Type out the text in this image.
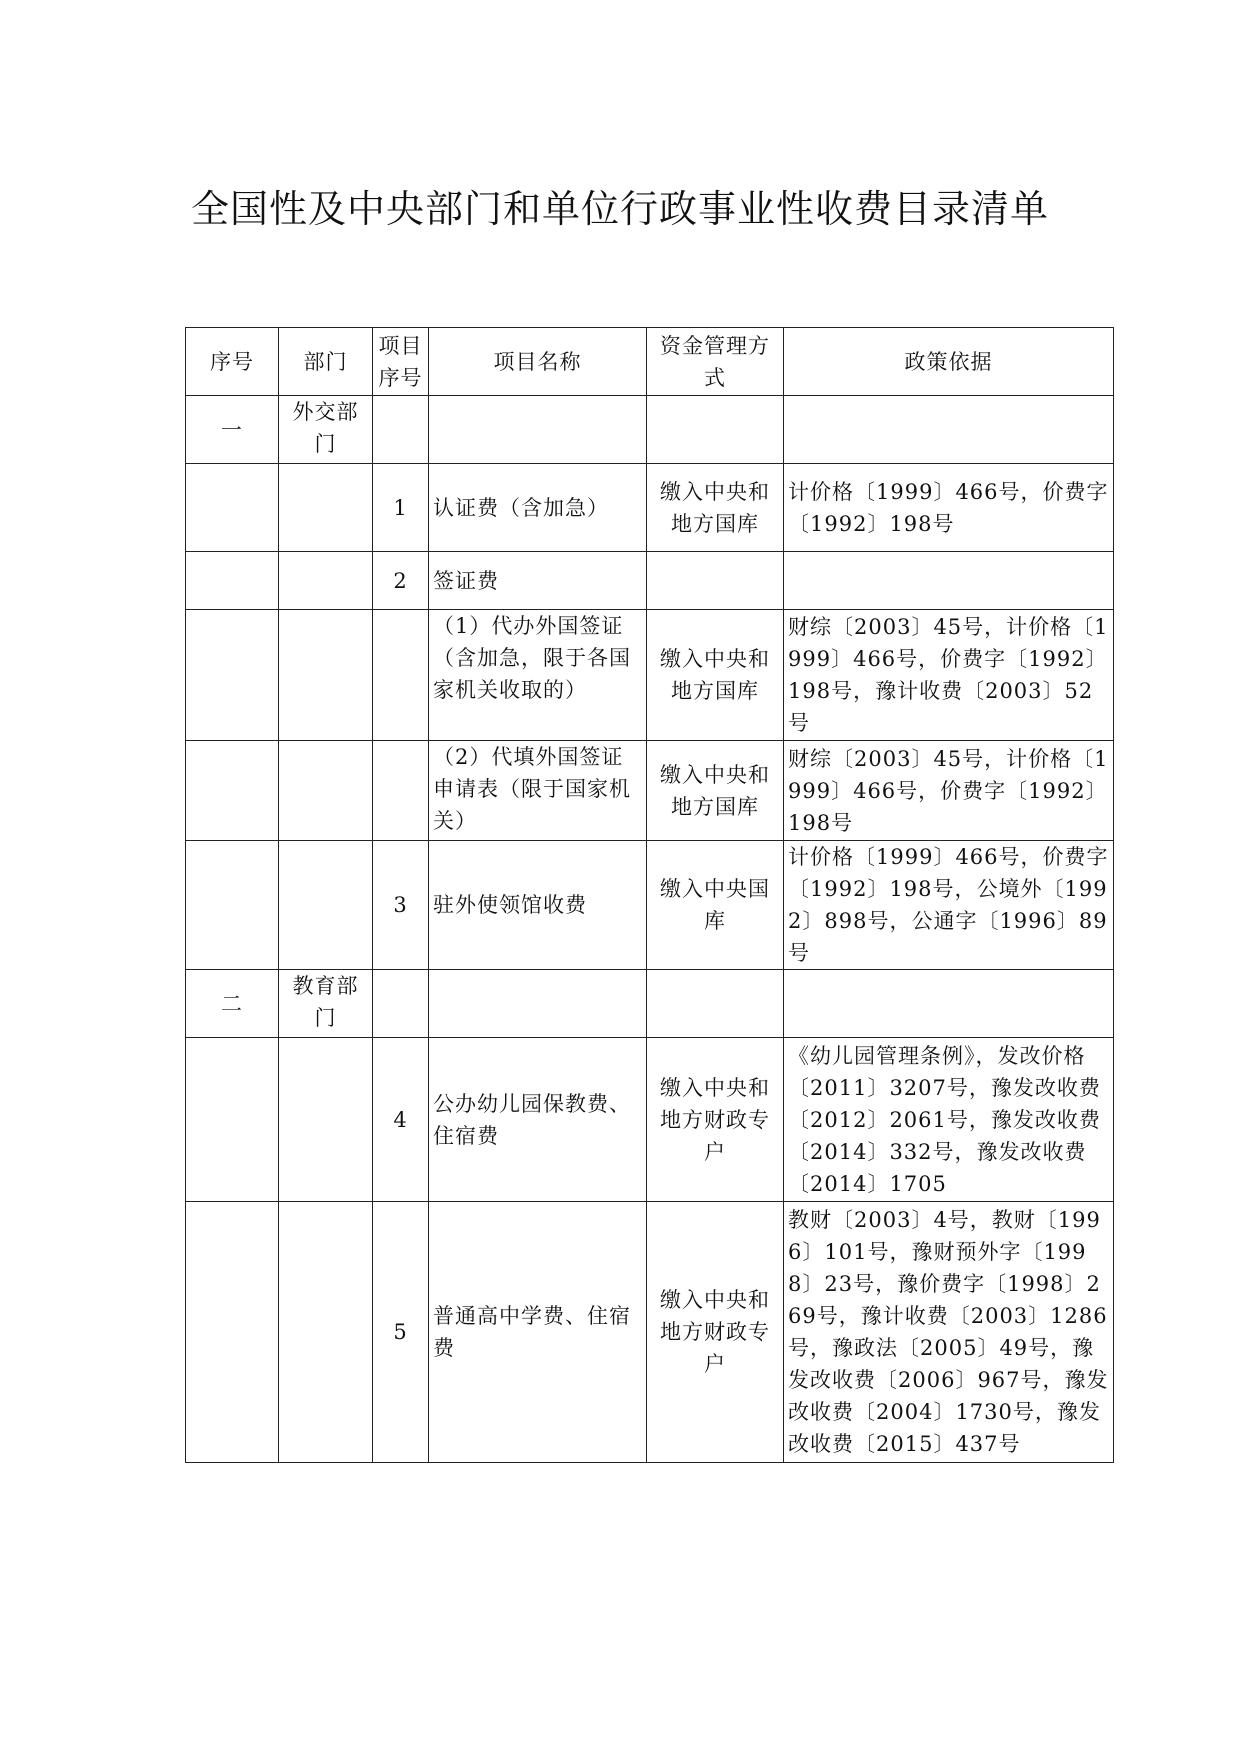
全国性及中央部门和单位行政事业性收费目录清单
序号	部门	项目序号	项目名称	资金管理方式	政策依据
一	外交部门				
		1	认证费（含加急）	缴入中央和地方国库	计价格〔1999〕466号，价费字〔1992〕198号
		2	签证费		
			（1）代办外国签证（含加急，限于各国家机关收取的）	缴入中央和地方国库	财综〔2003〕45号，计价格〔1999〕466号，价费字〔1992〕198号，豫计收费〔2003〕52号
			（2）代填外国签证申请表（限于国家机关）	缴入中央和地方国库	财综〔2003〕45号，计价格〔1999〕466号，价费字〔1992〕198号
		3	驻外使领馆收费	缴入中央国库	计价格〔1999〕466号，价费字〔1992〕198号，公境外〔1992〕898号，公通字〔1996〕89号
二	教育部门				
		4	公办幼儿园保教费、住宿费	缴入中央和地方财政专户	《幼儿园管理条例》，发改价格〔2011〕3207号，豫发改收费〔2012〕2061号，豫发改收费〔2014〕332号，豫发改收费〔2014〕1705
		5	普通高中学费、住宿费	缴入中央和地方财政专户	教财〔2003〕4号，教财〔1996〕101号，豫财预外字〔1998〕23号，豫价费字〔1998〕269号，豫计收费〔2003〕1286号，豫政法〔2005〕49号，豫发改收费〔2006〕967号，豫发改收费〔2004〕1730号，豫发改收费〔2015〕437号
